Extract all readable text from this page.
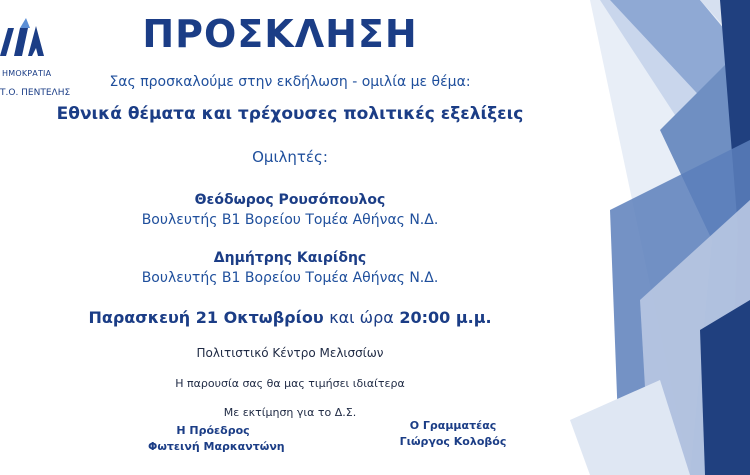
ΗΜΟΚΡΑΤΙΑ
Τ.Ο. ΠΕΝΤΕΛΗΣ
ΠΡΟΣΚΛΗΣΗ
Σας προσκαλούμε στην εκδήλωση - ομιλία με θέμα:
Εθνικά θέματα και τρέχουσες πολιτικές εξελίξεις
Ομιλητές:
Θεόδωρος Ρουσόπουλος
Βουλευτής Β1 Βορείου Τομέα Αθήνας Ν.Δ.
Δημήτρης Καιρίδης
Βουλευτής Β1 Βορείου Τομέα Αθήνας Ν.Δ.
Παρασκευή 21 Οκτωβρίου και ώρα 20:00 μ.μ.
Πολιτιστικό Κέντρο Μελισσίων
Η παρουσία σας θα μας τιμήσει ιδιαίτερα
Με εκτίμηση για το Δ.Σ.
Η Πρόεδρος
Φωτεινή Μαρκαντώνη
Ο Γραμματέας
Γιώργος Κολοβός
